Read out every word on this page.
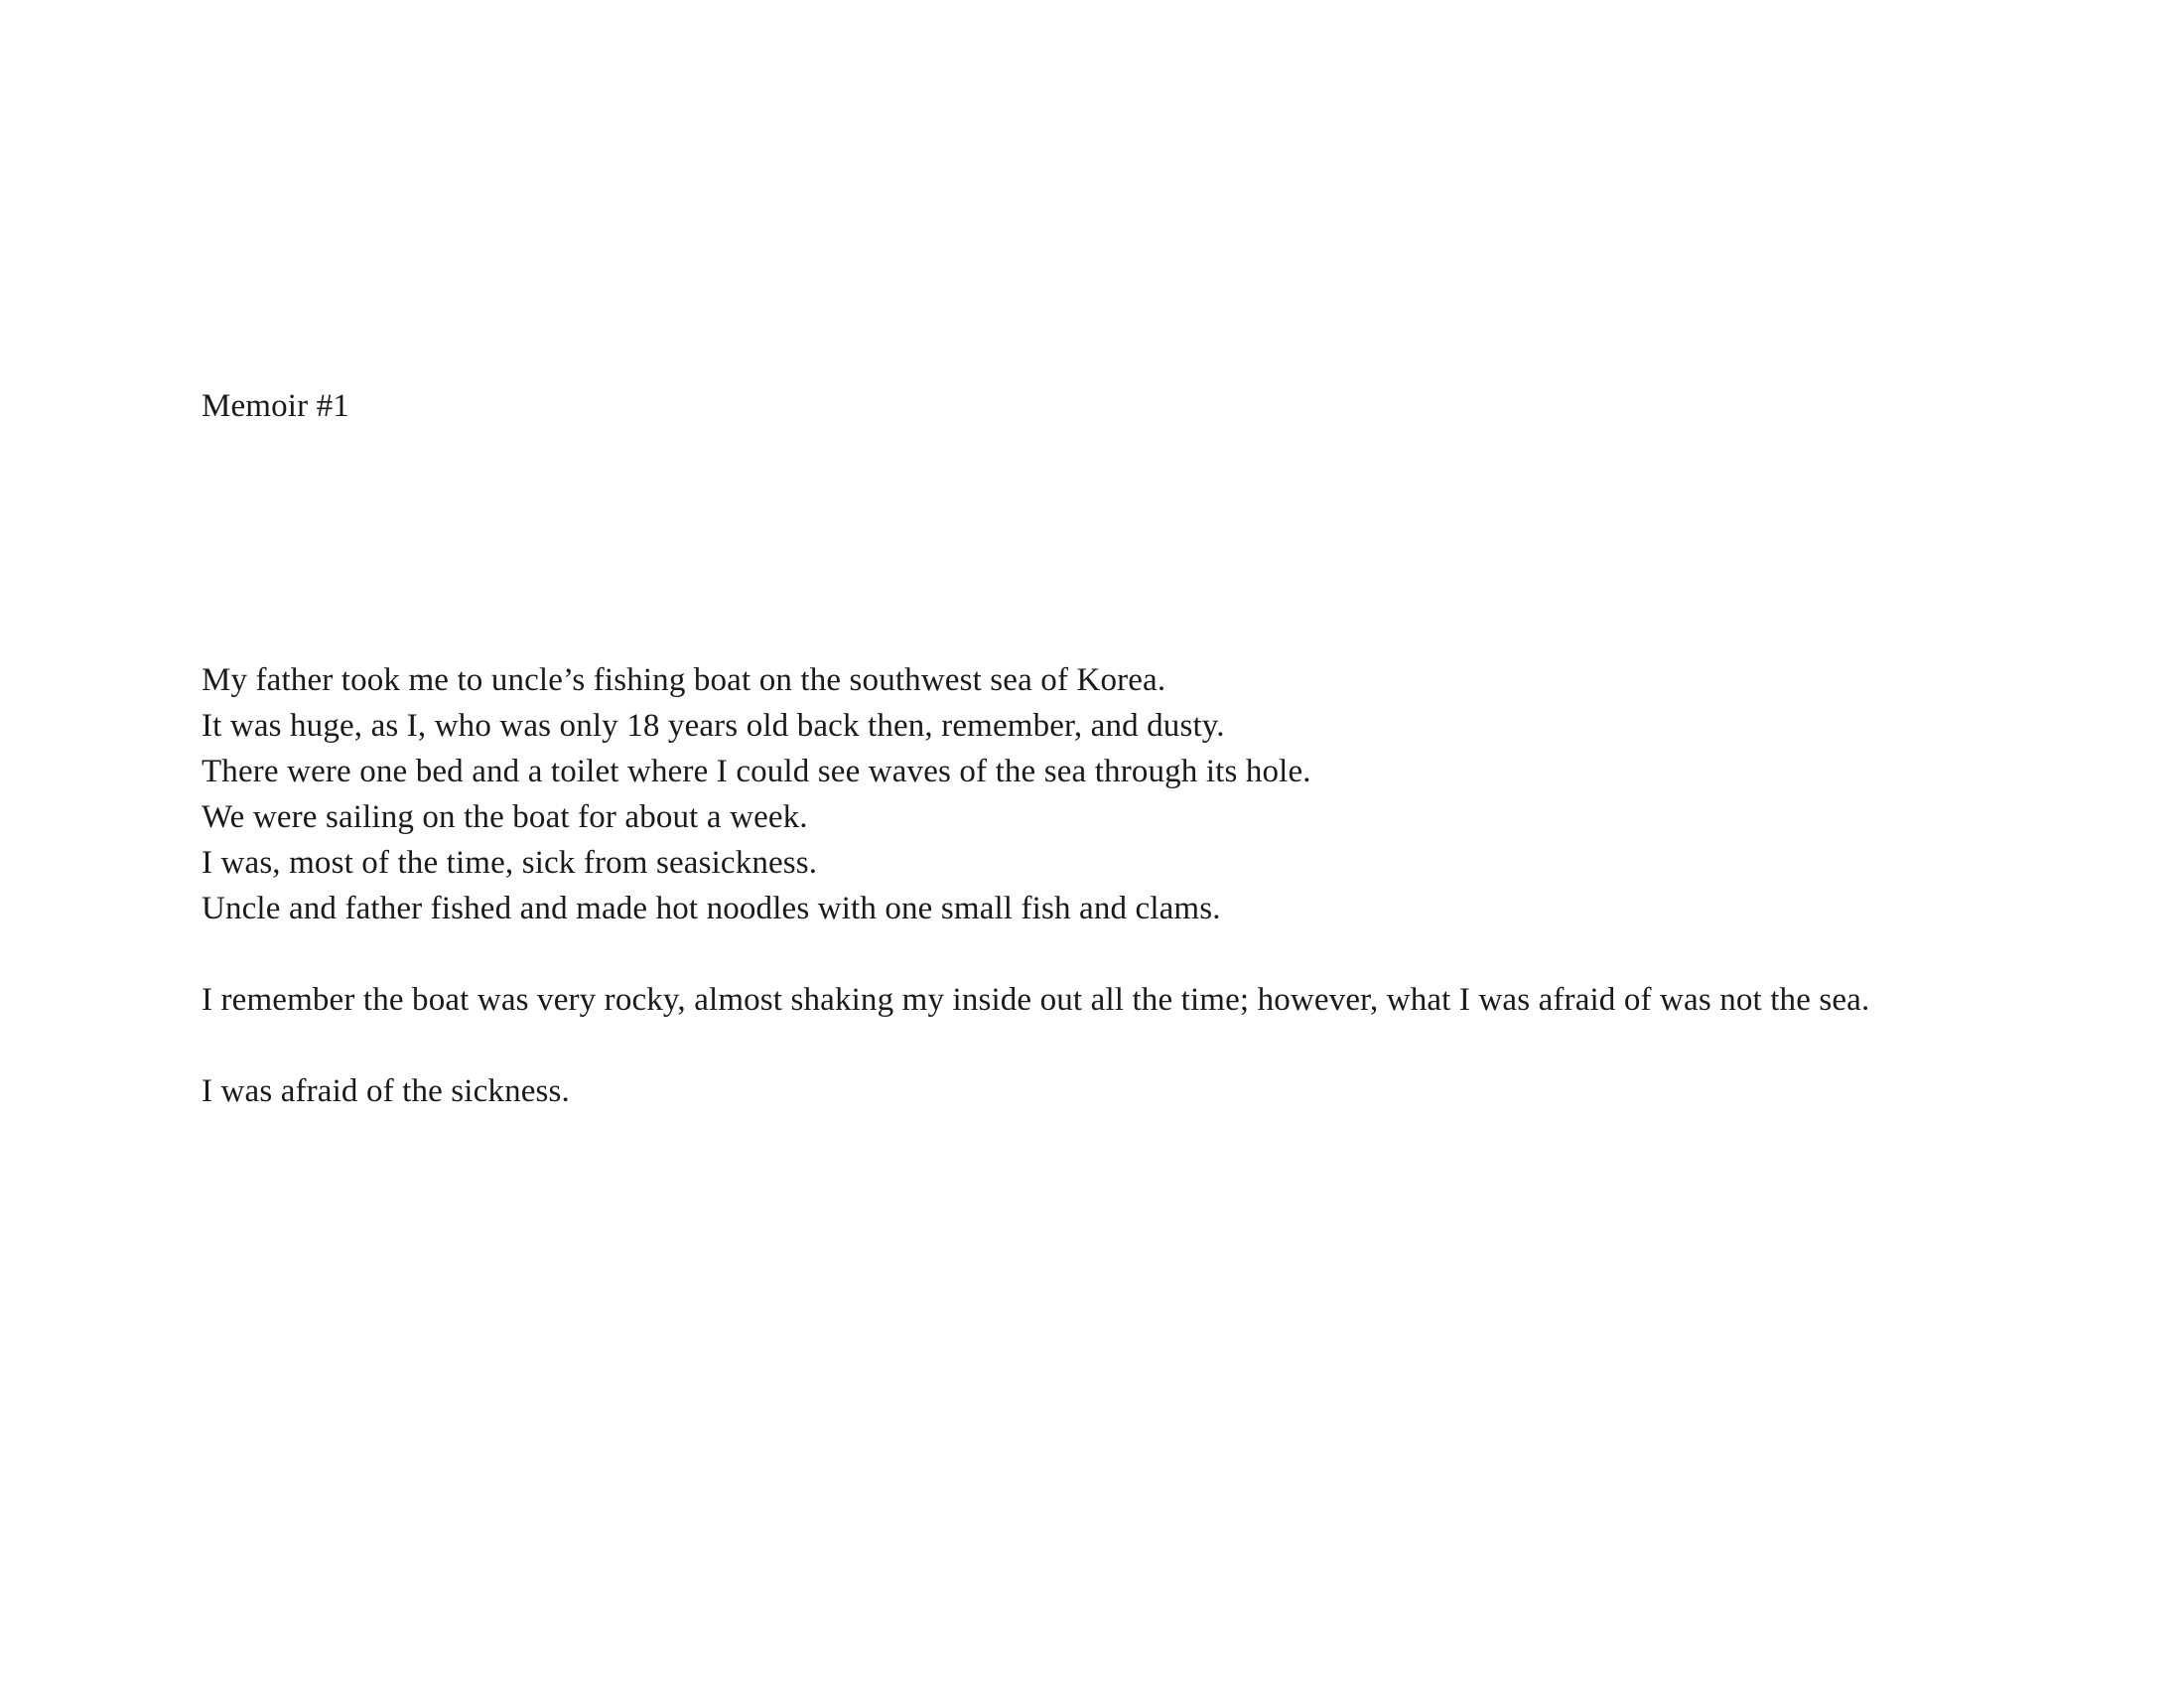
Memoir #1
My father took me to uncle’s fishing boat on the southwest sea of Korea.
It was huge, as I, who was only 18 years old back then, remember, and dusty.
There were one bed and a toilet where I could see waves of the sea through its hole.
We were sailing on the boat for about a week.
I was, most of the time, sick from seasickness.
Uncle and father fished and made hot noodles with one small fish and clams.
I remember the boat was very rocky, almost shaking my inside out all the time; however, what I was afraid of was not the sea.
I was afraid of the sickness.
